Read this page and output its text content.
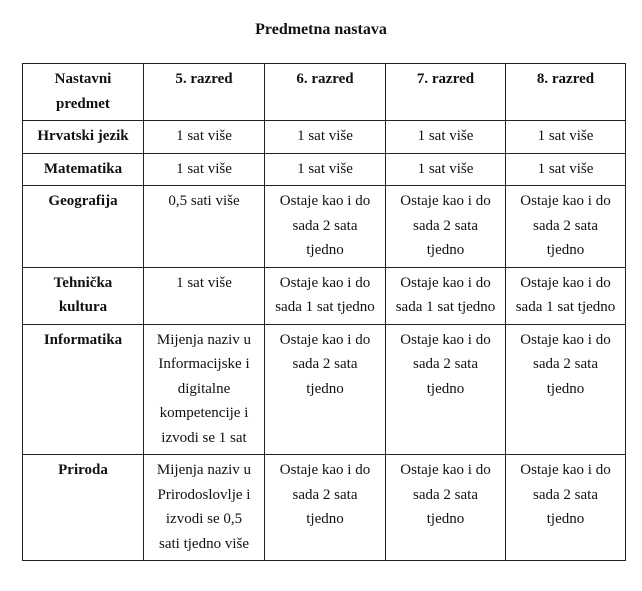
Predmetna nastava
Nastavni
predmet	5. razred	6. razred	7. razred	8. razred

Hrvatski jezik	1 sat više	1 sat više	1 sat više	1 sat više

Matematika	1 sat više	1 sat više	1 sat više	1 sat više

Geografija	0,5 sati više	Ostaje kao i do
sada 2 sata
tjedno	Ostaje kao i do
sada 2 sata
tjedno	Ostaje kao i do
sada 2 sata
tjedno

Tehnička
kultura	1 sat više	Ostaje kao i do
sada 1 sat tjedno	Ostaje kao i do
sada 1 sat tjedno	Ostaje kao i do
sada 1 sat tjedno

Informatika	Mijenja naziv u
Informacijske i
digitalne
kompetencije i
izvodi se 1 sat	Ostaje kao i do
sada 2 sata
tjedno	Ostaje kao i do
sada 2 sata
tjedno	Ostaje kao i do
sada 2 sata
tjedno

Priroda	Mijenja naziv u
Prirodoslovlje i
izvodi se 0,5
sati tjedno više	Ostaje kao i do
sada 2 sata
tjedno	Ostaje kao i do
sada 2 sata
tjedno	Ostaje kao i do
sada 2 sata
tjedno
